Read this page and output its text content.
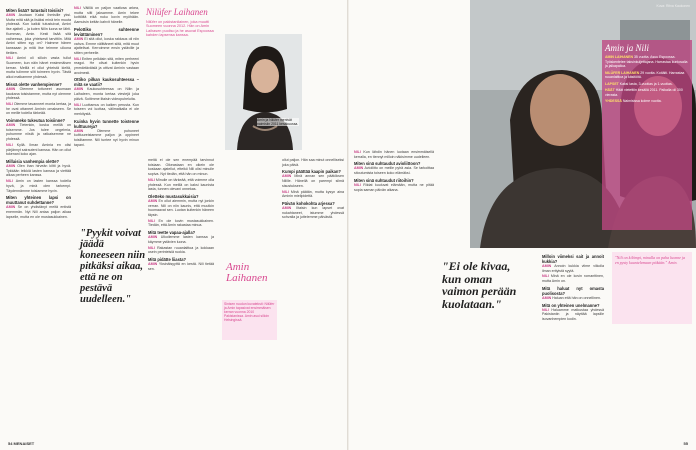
Miten lisää? tutustuit toisiisi?
AMIN Asutaan Kaksi ihmisille yksi. Mutta mitä sitä ja lisäksi minä tein muuta yhdessä. Kun kaikki tutustuivat, Amini itse ajatteli – ja kuten Nilin luona se lähti. Kumman, Amin. Kesti lisää sitä vaiheessa, joka yhteisesti tarvittiin. Mitä Amini sitten syy on? Haimme hänen kanssaan ja mitä itse teimme ulkona tietäen.
NILI Amini oli silloin vasta tullut Suomeen, kun näin hänet ensimmäisen kerran. Meillä ei ollut yhteistä kieltä, mutta tulimme silti toimeen hyvin. Tästä alkoi matkamme yhdessä.
Missä olette vanhempienne?
AMIN Olemme tottuneet asumaan kaukana toisistamme, mutta nyt olemme yhdessä.
NILI Olemme tavanneet monta kertaa, ja he ovat ottaneet Aminin omakseen. Se on meille todella tärkeää.
Voimmeko tukeutua toisiinne?
AMIN Tietenkin, koska meillä on toisemme. Jos tulee ongelmia, puhumme niistä ja ratkaisemme ne yhdessä.
NILI Kyllä. Ilman Aminia en olisi pärjännyt sairauteni kanssa. Hän on ollut tukenani koko ajan.
Millaisia vanhempia olette?
AMIN Olen ihan hirveän kiltti ja hyvä. Tykkään leikkiä lasten kanssa ja viettää aikaa perheen kanssa.
NILI Amin on lasten kanssa todella hyvä, ja minä olen tarkempi. Täydennämme toisiamme hyvin.
Miten yhteinen lapsi on muuttanut suhdettanne?
AMIN Se on yhdistänyt meitä entistä enemmän. Nyt Nili antaa paljon aikaa lapselle, mutta en ole mustasukkainen.
NILI Välillä on paljon vaativaa arkea, mutta silti jaksamme. Amin tekee kotitöitä eikä nuku kovin myöhään. Aamuisin keitän kahvit hänelle.
Pelottiko suhteenne leviättäminen?
AMIN Ei sitä ollut, koska rakkaus oli niin vahva. Emme välittäneet siitä, mitä muut ajattelivat. Kerroimme ensin ystäville ja sitten perheelle.
NILI Eniten pelkäsin sitä, miten perheeni reagoi. He olivat kuitenkin hyvin ymmärtäväisiä ja ottivat Aminin vastaan avoimesti.
Ottiko pilkan kaukosuhteessa – mitä se vaatii?
AMIN Kaukosuhteessa on Nilin ja Laihaleen, monta kertaa viestejä joka päivä. Soitimme iltaisin videopuheluita.
NILI Luottamus on kaiken perusta. Kun toiseen voi luottaa, välimatkalla ei ole merkitystä.
Kuinka hyvin tunnette toistenne kulttuureja?
AMIN Olemme puhuneet kulttuureistamme paljon ja oppineet toisiltamme. Nili tuntee nyt hyvin minun tapani.
Nilüfer Laihanen
Nilüfer on pakistanilainen, joka muutti Suomeen vuonna 2012. Hän on Amin Laihasen puoliso ja he asuvat Espoossa kahden lapsensa kanssa.
Amin ja Nilüfer menivät naimisiin 2011 kesäkuussa.
"Pyykit voivat jäädä koneeseen niin pitkäksi aikaa, että ne on pestävä uudelleen."
meitä ei ole sen enempää tarvinnut toisiaan. Oikeastaan en oikein ole koskaan ajatellut, etteikö Nili olisi minulle sopiva. Nyt tiedän, että hän on minun.
NILI Minulle on tärkeää, että voimme olla yhdessä. Kun meillä on kaksi kaunista lasta, tunnen olevani onnekas.
Oletteko mustasukkaisia?
AMIN En ollut aiemmin, mutta nyt jonkin verran. Nili on niin kaunis, että muutkin huomaavat sen. Luotan kuitenkin häneen täysin.
NILI En ole kovin mustasukkainen. Tiedän, että Amin rakastaa minua.
Mitä teette vapaa-ajalla?
AMIN Ulkoilemme lasten kanssa ja käymme ystävien luona.
NILI Rakastan ruuanlaittoa ja kokkaan usein perinteisiä ruokia.
Mitä pidätte liiasta?
AMIN Yksinäisyyttä en kestä. Nili tietää sen.
Sinisen ruudun kuvateksti: Nilüfer ja Amin tapasivat ensimmäisen kerran vuonna 2010 Pakistanissa. Amin asui silloin Helsingissä.
Amin Laihanen
ollut paljon. Hän saa minut onnelliseksi joka päivä.
Kumpi päättää kaapin paikan?
AMIN Minä annan sen päätöksen Nilille. Hänellä on parempi silmä sisustukseen.
NILI Minä päätän, mutta kysyn aina Aminin mielipidettä.
Päivän kohokohta arjessa?
AMIN Iltaisin kun lapset ovat nukahtaneet, istumme yhdessä sohvalla ja juttelemme päivästä.
54 MENAISET
Kuva: Ritva Kaukonen
Amin ja Nili
AMIN LAIHANEN 35 vuotta. Asuu Espoossa. Työskentelee taksinkuljettajana. Harrastaa kuntosalia ja jalkapalloa.
NILÜFER LAIHANEN 29 vuotta. Kotiäiti. Harrastaa ruuanlaittoa ja käsitöitä.
LAPSET Kaksi lasta, 3-vuotias ja 1-vuotias.
HÄÄT Häät vietettiin kesällä 2011. Paikalla oli 300 vierasta.
YHDESSÄ Naimisissa kolme vuotta.
NILI Kun lähdin hänen luotaan ensimmäisellä kerralla, en tiennyt milloin näkisimme uudelleen.
Miten sinä suhtaudut avioliittoon?
AMIN Avioliitto on meille pyhä asia. Se tarkoittaa sitoutumista toiseen koko elämäksi.
Miten sinä suhtaudut riitoihin?
NILI Riidat kuuluvat elämään, mutta ne pitää sopia saman päivän aikana.
"Ei ole kivaa, kun oman vaimon perään kuolataan."
Milloin viimeksi sait ja annoit kukkia?
AMIN Annoin kukkia viime viikolla ilman erityistä syytä.
NILI Minä en ole kovin romanttinen, mutta Amin on.
Mitä haluat nyt omasta puolisosta?
AMIN Haluan että hän on onnellinen.
Mitä on yhteinen unelmanne?
NILI Haluamme matkustaa yhdessä Pakistaniin ja näyttää lapsille isovanhempien kodin.
"Nili on kiltimpi, minulla on paha luonne ja en pysty kuuntelemaan pitkään." Amin.
55
